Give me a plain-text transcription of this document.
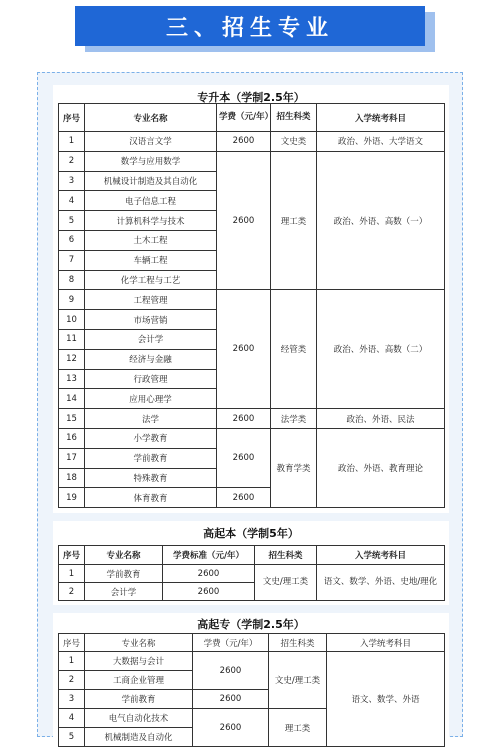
三、招生专业
专升本（学制2.5年）
序号	专业名称	学费（元/年）	招生科类	入学统考科目
1	汉语言文学	2600	文史类	政治、外语、大学语文
2	数学与应用数学	2600	理工类	政治、外语、高数（一）
3	机械设计制造及其自动化			
4	电子信息工程			
5	计算机科学与技术			
6	土木工程			
7	车辆工程			
8	化学工程与工艺			
9	工程管理	2600	经管类	政治、外语、高数（二）
10	市场营销			
11	会计学			
12	经济与金融			
13	行政管理			
14	应用心理学			
15	法学	2600	法学类	政治、外语、民法
16	小学教育	2600	教育学类	政治、外语、教育理论
17	学前教育			
18	特殊教育			
19	体育教育	2600		
高起本（学制5年）
序号	专业名称	学费标准（元/年）	招生科类	入学统考科目
1	学前教育	2600	文史/理工类	语文、数学、外语、史地/理化
2	会计学	2600		
高起专（学制2.5年）
序号	专业名称	学费（元/年）	招生科类	入学统考科目
1	大数据与会计	2600	文史/理工类	语文、数学、外语
2	工商企业管理			
3	学前教育	2600		
4	电气自动化技术	2600	理工类	
5	机械制造及自动化			
